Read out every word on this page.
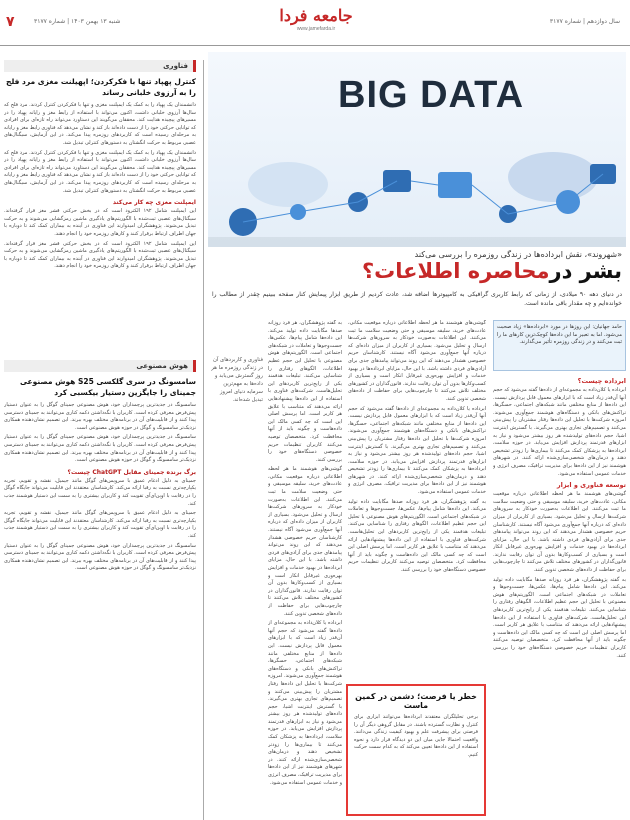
۷	شنبه ۱۳ بهمن ۱۴۰۳ | شماره ۳۱۷۷	سال دوازدهم | شماره ۳۱۷۷
جامعه فردا
www.jamefarda.ir
فناوری
کنترل پهپاد تنها با فکرکردن؛ اپهیلنت مغزی مرد فلج را به آرزوی خلبانی رساند
دانشمندان یک پهپاد را به کمک یک ایمپلنت مغزی و تنها با فکرکردن کنترل کردند. مرد فلج که سال‌ها آرزوی خلبانی داشت، اکنون می‌تواند با استفاده از رابط مغز و رایانه پهپاد را در مسیرهای پیچیده هدایت کند. محققان می‌گویند این دستاورد می‌تواند راه تازه‌ای برای افرادی که توانایی حرکتی خود را از دست داده‌اند باز کند و نشان می‌دهد که فناوری رابط مغز و رایانه به مرحله‌ای رسیده است که کاربردهای روزمره پیدا می‌کند. در این آزمایش، سیگنال‌های عصبی مربوط به حرکت انگشتان به دستورهای کنترلی تبدیل شد.
دانشمندان یک پهپاد را به کمک یک ایمپلنت مغزی و تنها با فکرکردن کنترل کردند. مرد فلج که سال‌ها آرزوی خلبانی داشت، اکنون می‌تواند با استفاده از رابط مغز و رایانه پهپاد را در مسیرهای پیچیده هدایت کند. محققان می‌گویند این دستاورد می‌تواند راه تازه‌ای برای افرادی که توانایی حرکتی خود را از دست داده‌اند باز کند و نشان می‌دهد که فناوری رابط مغز و رایانه به مرحله‌ای رسیده است که کاربردهای روزمره پیدا می‌کند. در این آزمایش، سیگنال‌های عصبی مربوط به حرکت انگشتان به دستورهای کنترلی تبدیل شد.
ایمپلنت مغزی چه کار می‌کند
این ایمپلنت شامل ۱۹۲ الکترود است که در بخش حرکتی قشر مغز قرار گرفته‌اند. سیگنال‌های عصبی ثبت‌شده با الگوریتم‌های یادگیری ماشین رمزگشایی می‌شوند و به حرکت تبدیل می‌شوند. پژوهشگران امیدوارند این فناوری در آینده به بیماران کمک کند تا دوباره با جهان اطراف ارتباط برقرار کنند و کارهای روزمره خود را انجام دهند.
این ایمپلنت شامل ۱۹۲ الکترود است که در بخش حرکتی قشر مغز قرار گرفته‌اند. سیگنال‌های عصبی ثبت‌شده با الگوریتم‌های یادگیری ماشین رمزگشایی می‌شوند و به حرکت تبدیل می‌شوند. پژوهشگران امیدوارند این فناوری در آینده به بیماران کمک کند تا دوباره با جهان اطراف ارتباط برقرار کنند و کارهای روزمره خود را انجام دهند.
هوش مصنوعی
سامسونگ در سری گلکسی S25 هوش مصنوعی جمینای را جایگزین دستیار بیکسبی کرد
سامسونگ در جدیدترین پرچمداران خود، هوش مصنوعی جمینای گوگل را به عنوان دستیار پیش‌فرض معرفی کرده است. کاربران با نگه‌داشتن دکمه کناری می‌توانند به جمینای دسترسی پیدا کنند و از قابلیت‌های آن در برنامه‌های مختلف بهره ببرند. این تصمیم نشان‌دهنده همکاری نزدیک‌تر سامسونگ و گوگل در حوزه هوش مصنوعی است.
سامسونگ در جدیدترین پرچمداران خود، هوش مصنوعی جمینای گوگل را به عنوان دستیار پیش‌فرض معرفی کرده است. کاربران با نگه‌داشتن دکمه کناری می‌توانند به جمینای دسترسی پیدا کنند و از قابلیت‌های آن در برنامه‌های مختلف بهره ببرند. این تصمیم نشان‌دهنده همکاری نزدیک‌تر سامسونگ و گوگل در حوزه هوش مصنوعی است.
برگ برنده جمینای مقابل ChatGPT چیست؟
جمینای به دلیل ادغام عمیق با سرویس‌های گوگل مانند جیمیل، نقشه و تقویم، تجربه یکپارچه‌تری نسبت به رقبا ارائه می‌کند. کارشناسان معتقدند این قابلیت می‌تواند جایگاه گوگل را در رقابت با اوپن‌ای‌آی تقویت کند و کاربران بیشتری را به سمت این دستیار هوشمند جذب کند.
جمینای به دلیل ادغام عمیق با سرویس‌های گوگل مانند جیمیل، نقشه و تقویم، تجربه یکپارچه‌تری نسبت به رقبا ارائه می‌کند. کارشناسان معتقدند این قابلیت می‌تواند جایگاه گوگل را در رقابت با اوپن‌ای‌آی تقویت کند و کاربران بیشتری را به سمت این دستیار هوشمند جذب کند.
سامسونگ در جدیدترین پرچمداران خود، هوش مصنوعی جمینای گوگل را به عنوان دستیار پیش‌فرض معرفی کرده است. کاربران با نگه‌داشتن دکمه کناری می‌توانند به جمینای دسترسی پیدا کنند و از قابلیت‌های آن در برنامه‌های مختلف بهره ببرند. این تصمیم نشان‌دهنده همکاری نزدیک‌تر سامسونگ و گوگل در حوزه هوش مصنوعی است.
BIG DATA
«شهروند»، نقش ابرداده‌ها در زندگی روزمره را بررسی می‌کند
بشر درمحاصره اطلاعات؟
در دنیای دهه ۹۰ میلادی، از زمانی که رابط کاربری گرافیکی به کامپیوترها اضافه شد، عادت کردیم از طریق ابزار پیمایش کنار صفحه ببینیم چقدر از مطالب را خوانده‌ایم و چه مقدار باقی مانده است.
حامد جهانیان: این روزها در مورد «ابرداده‌ها» زیاد صحبت می‌شود. اما به تعبیر ما این داده‌ها کوچک‌ترین کارهای ما را ثبت می‌کنند و در زندگی روزمره تأثیر می‌گذارند.
ابرداده چیست؟
ابرداده یا کلان‌داده به مجموعه‌ای از داده‌ها گفته می‌شود که حجم آنها آن‌قدر زیاد است که با ابزارهای معمول قابل پردازش نیست. این داده‌ها از منابع مختلفی مانند شبکه‌های اجتماعی، حسگرها، تراکنش‌های بانکی و دستگاه‌های هوشمند جمع‌آوری می‌شوند. امروزه شرکت‌ها با تحلیل این داده‌ها رفتار مشتریان را پیش‌بینی می‌کنند و تصمیم‌های تجاری بهتری می‌گیرند. با گسترش اینترنت اشیا، حجم داده‌های تولیدشده هر روز بیشتر می‌شود و نیاز به ابزارهای قدرتمند پردازش افزایش می‌یابد. در حوزه سلامت، ابرداده‌ها به پزشکان کمک می‌کنند تا بیماری‌ها را زودتر تشخیص دهند و درمان‌های شخصی‌سازی‌شده ارائه کنند. در شهرهای هوشمند نیز از این داده‌ها برای مدیریت ترافیک، مصرف انرژی و خدمات عمومی استفاده می‌شود.
توسعه فناوری و ابزار
گوشی‌های هوشمند ما هر لحظه اطلاعاتی درباره موقعیت مکانی، عادت‌های خرید، سلیقه موسیقی و حتی وضعیت سلامت ما ثبت می‌کنند. این اطلاعات به‌صورت خودکار به سرورهای شرکت‌ها ارسال و تحلیل می‌شود. بسیاری از کاربران از میزان داده‌ای که درباره آنها جمع‌آوری می‌شود آگاه نیستند. کارشناسان حریم خصوصی هشدار می‌دهند که این روند می‌تواند پیامدهای جدی برای آزادی‌های فردی داشته باشد. با این حال، مزایای ابرداده‌ها در بهبود خدمات و افزایش بهره‌وری غیرقابل انکار است و بسیاری از کسب‌وکارها بدون آن توان رقابت ندارند. قانون‌گذاران در کشورهای مختلف تلاش می‌کنند تا چارچوب‌هایی برای حفاظت از داده‌های شخصی تدوین کنند.
به گفته پژوهشگران، هر فرد روزانه صدها مگابایت داده تولید می‌کند. این داده‌ها شامل پیام‌ها، عکس‌ها، جست‌وجوها و تعاملات در شبکه‌های اجتماعی است. الگوریتم‌های هوش مصنوعی با تحلیل این حجم عظیم اطلاعات، الگوهای رفتاری را شناسایی می‌کنند. تبلیغات هدفمند یکی از رایج‌ترین کاربردهای این تحلیل‌هاست. شرکت‌های فناوری با استفاده از این داده‌ها پیشنهادهایی ارائه می‌دهند که متناسب با علایق هر کاربر است. اما پرسش اصلی این است که چه کسی مالک این داده‌هاست و چگونه باید از آنها محافظت کرد. متخصصان توصیه می‌کنند کاربران تنظیمات حریم خصوصی دستگاه‌های خود را بررسی کنند.
گوشی‌های هوشمند ما هر لحظه اطلاعاتی درباره موقعیت مکانی، عادت‌های خرید، سلیقه موسیقی و حتی وضعیت سلامت ما ثبت می‌کنند. این اطلاعات به‌صورت خودکار به سرورهای شرکت‌ها ارسال و تحلیل می‌شود. بسیاری از کاربران از میزان داده‌ای که درباره آنها جمع‌آوری می‌شود آگاه نیستند. کارشناسان حریم خصوصی هشدار می‌دهند که این روند می‌تواند پیامدهای جدی برای آزادی‌های فردی داشته باشد. با این حال، مزایای ابرداده‌ها در بهبود خدمات و افزایش بهره‌وری غیرقابل انکار است و بسیاری از کسب‌وکارها بدون آن توان رقابت ندارند. قانون‌گذاران در کشورهای مختلف تلاش می‌کنند تا چارچوب‌هایی برای حفاظت از داده‌های شخصی تدوین کنند.
ابرداده یا کلان‌داده به مجموعه‌ای از داده‌ها گفته می‌شود که حجم آنها آن‌قدر زیاد است که با ابزارهای معمول قابل پردازش نیست. این داده‌ها از منابع مختلفی مانند شبکه‌های اجتماعی، حسگرها، تراکنش‌های بانکی و دستگاه‌های هوشمند جمع‌آوری می‌شوند. امروزه شرکت‌ها با تحلیل این داده‌ها رفتار مشتریان را پیش‌بینی می‌کنند و تصمیم‌های تجاری بهتری می‌گیرند. با گسترش اینترنت اشیا، حجم داده‌های تولیدشده هر روز بیشتر می‌شود و نیاز به ابزارهای قدرتمند پردازش افزایش می‌یابد. در حوزه سلامت، ابرداده‌ها به پزشکان کمک می‌کنند تا بیماری‌ها را زودتر تشخیص دهند و درمان‌های شخصی‌سازی‌شده ارائه کنند. در شهرهای هوشمند نیز از این داده‌ها برای مدیریت ترافیک، مصرف انرژی و خدمات عمومی استفاده می‌شود.
به گفته پژوهشگران، هر فرد روزانه صدها مگابایت داده تولید می‌کند. این داده‌ها شامل پیام‌ها، عکس‌ها، جست‌وجوها و تعاملات در شبکه‌های اجتماعی است. الگوریتم‌های هوش مصنوعی با تحلیل این حجم عظیم اطلاعات، الگوهای رفتاری را شناسایی می‌کنند. تبلیغات هدفمند یکی از رایج‌ترین کاربردهای این تحلیل‌هاست. شرکت‌های فناوری با استفاده از این داده‌ها پیشنهادهایی ارائه می‌دهند که متناسب با علایق هر کاربر است. اما پرسش اصلی این است که چه کسی مالک این داده‌هاست و چگونه باید از آنها محافظت کرد. متخصصان توصیه می‌کنند کاربران تنظیمات حریم خصوصی دستگاه‌های خود را بررسی کنند.
به گفته پژوهشگران، هر فرد روزانه صدها مگابایت داده تولید می‌کند. این داده‌ها شامل پیام‌ها، عکس‌ها، جست‌وجوها و تعاملات در شبکه‌های اجتماعی است. الگوریتم‌های هوش مصنوعی با تحلیل این حجم عظیم اطلاعات، الگوهای رفتاری را شناسایی می‌کنند. تبلیغات هدفمند یکی از رایج‌ترین کاربردهای این تحلیل‌هاست. شرکت‌های فناوری با استفاده از این داده‌ها پیشنهادهایی ارائه می‌دهند که متناسب با علایق هر کاربر است. اما پرسش اصلی این است که چه کسی مالک این داده‌هاست و چگونه باید از آنها محافظت کرد. متخصصان توصیه می‌کنند کاربران تنظیمات حریم خصوصی دستگاه‌های خود را بررسی کنند.
گوشی‌های هوشمند ما هر لحظه اطلاعاتی درباره موقعیت مکانی، عادت‌های خرید، سلیقه موسیقی و حتی وضعیت سلامت ما ثبت می‌کنند. این اطلاعات به‌صورت خودکار به سرورهای شرکت‌ها ارسال و تحلیل می‌شود. بسیاری از کاربران از میزان داده‌ای که درباره آنها جمع‌آوری می‌شود آگاه نیستند. کارشناسان حریم خصوصی هشدار می‌دهند که این روند می‌تواند پیامدهای جدی برای آزادی‌های فردی داشته باشد. با این حال، مزایای ابرداده‌ها در بهبود خدمات و افزایش بهره‌وری غیرقابل انکار است و بسیاری از کسب‌وکارها بدون آن توان رقابت ندارند. قانون‌گذاران در کشورهای مختلف تلاش می‌کنند تا چارچوب‌هایی برای حفاظت از داده‌های شخصی تدوین کنند.
ابرداده یا کلان‌داده به مجموعه‌ای از داده‌ها گفته می‌شود که حجم آنها آن‌قدر زیاد است که با ابزارهای معمول قابل پردازش نیست. این داده‌ها از منابع مختلفی مانند شبکه‌های اجتماعی، حسگرها، تراکنش‌های بانکی و دستگاه‌های هوشمند جمع‌آوری می‌شوند. امروزه شرکت‌ها با تحلیل این داده‌ها رفتار مشتریان را پیش‌بینی می‌کنند و تصمیم‌های تجاری بهتری می‌گیرند. با گسترش اینترنت اشیا، حجم داده‌های تولیدشده هر روز بیشتر می‌شود و نیاز به ابزارهای قدرتمند پردازش افزایش می‌یابد. در حوزه سلامت، ابرداده‌ها به پزشکان کمک می‌کنند تا بیماری‌ها را زودتر تشخیص دهند و درمان‌های شخصی‌سازی‌شده ارائه کنند. در شهرهای هوشمند نیز از این داده‌ها برای مدیریت ترافیک، مصرف انرژی و خدمات عمومی استفاده می‌شود.
فناوری و کاربردهای آن در زندگی روزمره ما هر روز گسترش می‌یابد و داده‌ها به مهم‌ترین سرمایه دنیای امروز تبدیل شده‌اند.
خطر یا فرصت؛ دشمن در کمین ماست
برخی تحلیلگران معتقدند ابرداده‌ها می‌توانند ابزاری برای کنترل و نظارت گسترده باشند. در مقابل گروهی دیگر آن را فرصتی برای پیشرفت علم و بهبود کیفیت زندگی می‌دانند. واقعیت احتمالا جایی میان این دو دیدگاه قرار دارد و نحوه استفاده از این داده‌ها تعیین می‌کند که به کدام سمت حرکت کنیم.
